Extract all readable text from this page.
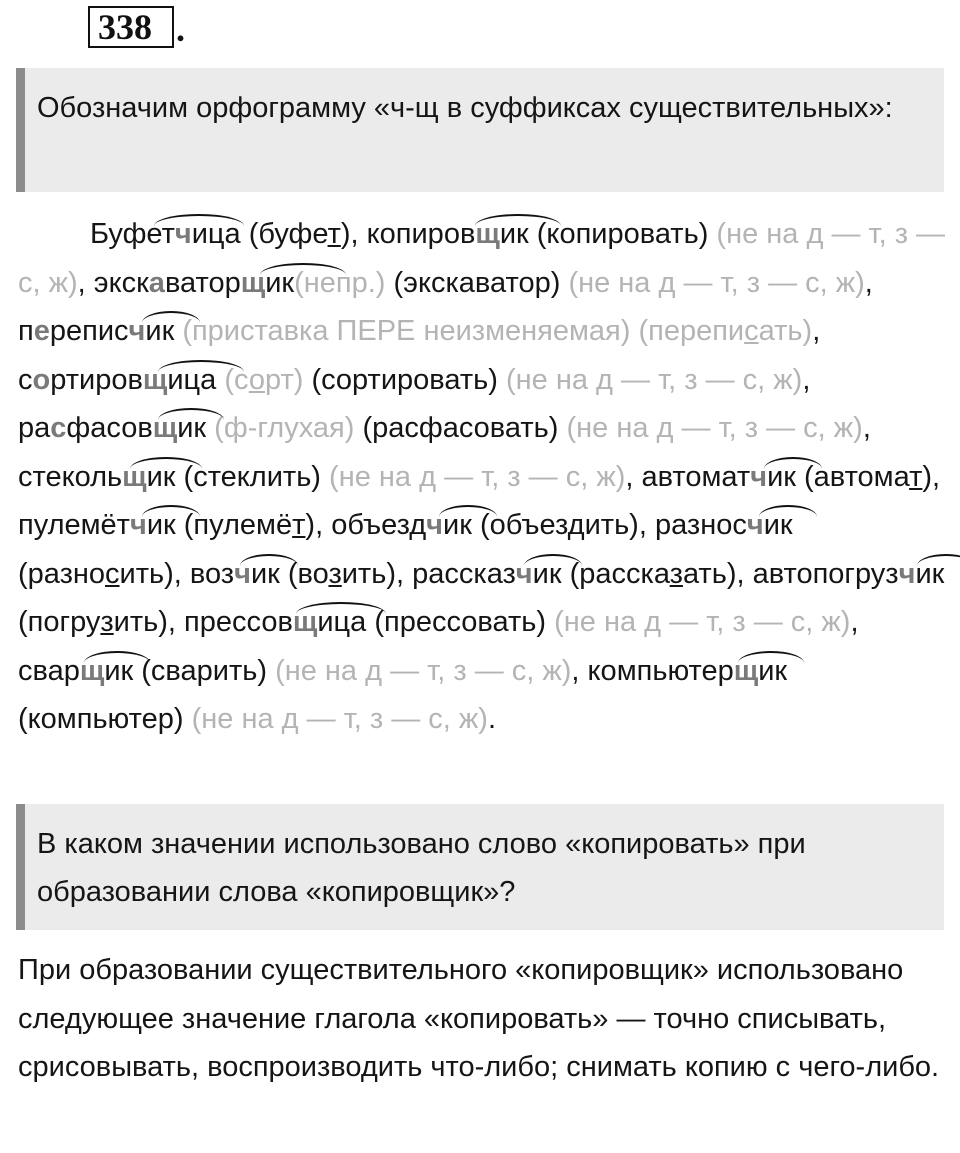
338 .
Обозначим орфограмму «ч-щ в суффиксах существительных»:

Буфетчица
(буфет), копировщик
(копировать) (не на д — т, з — с, ж), экскаваторщик
(непр.) (экскаватор) (не на д — т, з — с, ж), переписчик
(приставка ПЕРЕ неизменяемая) (переписать), сортировщица
(сорт) (сортировать) (не на д — т, з — с, ж), расфасовщик
(ф-глухая) (расфасовать) (не на д — т, з — с, ж), стекольщик
(стеклить) (не на д — т, з — с, ж), автоматчик
(автомат), пулемётчик
(пулемёт), объездчик
(объездить), разносчик
(разносить), возчик
(возить), рассказчик
(рассказать), автопогрузчик
(погрузить), прессовщица
(прессовать) (не на д — т, з — с, ж), сварщик
(сварить) (не на д — т, з — с, ж), компьютерщик
(компьютер) (не на д — т, з — с, ж).

В каком значении использовано слово «копировать» при образовании слова «копировщик»?
При образовании существительного «копировщик» использовано следующее значение глагола «копировать» — точно списывать, срисовывать, воспроизводить что-либо; снимать копию с чего-либо.
